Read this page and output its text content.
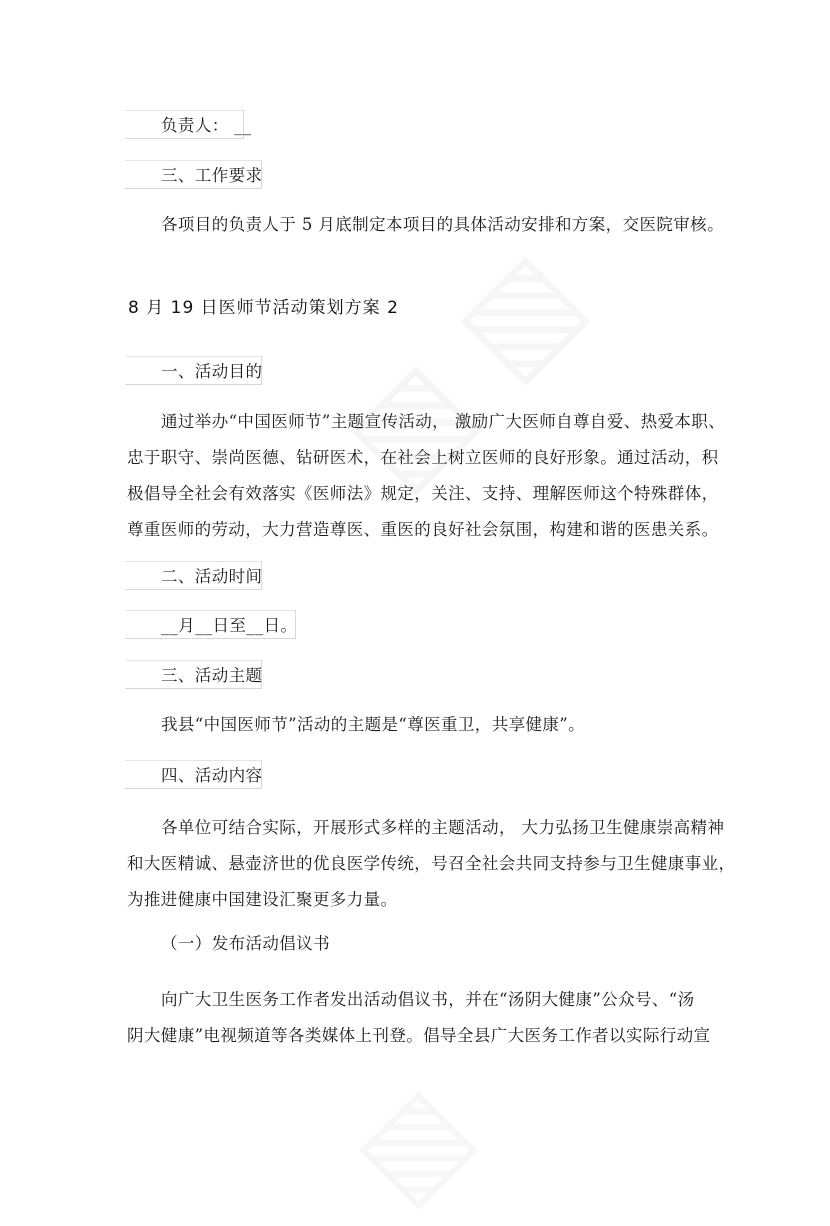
负责人： __
三、工作要求
各项目的负责人于 5 月底制定本项目的具体活动安排和方案，交医院审核。
8 月 19 日医师节活动策划方案 2
一、活动目的
通过举办“中国医师节”主题宣传活动， 激励广大医师自尊自爱、热爱本职、
忠于职守、崇尚医德、钻研医术，在社会上树立医师的良好形象。通过活动，积
极倡导全社会有效落实《医师法》规定，关注、支持、理解医师这个特殊群体，
尊重医师的劳动，大力营造尊医、重医的良好社会氛围，构建和谐的医患关系。
二、活动时间
__月__日至__日。
三、活动主题
我县“中国医师节”活动的主题是“尊医重卫，共享健康”。
四、活动内容
各单位可结合实际，开展形式多样的主题活动， 大力弘扬卫生健康崇高精神
和大医精诚、悬壶济世的优良医学传统，号召全社会共同支持参与卫生健康事业，
为推进健康中国建设汇聚更多力量。
（一）发布活动倡议书
向广大卫生医务工作者发出活动倡议书，并在“汤阴大健康”公众号、“汤
阴大健康”电视频道等各类媒体上刊登。倡导全县广大医务工作者以实际行动宣
